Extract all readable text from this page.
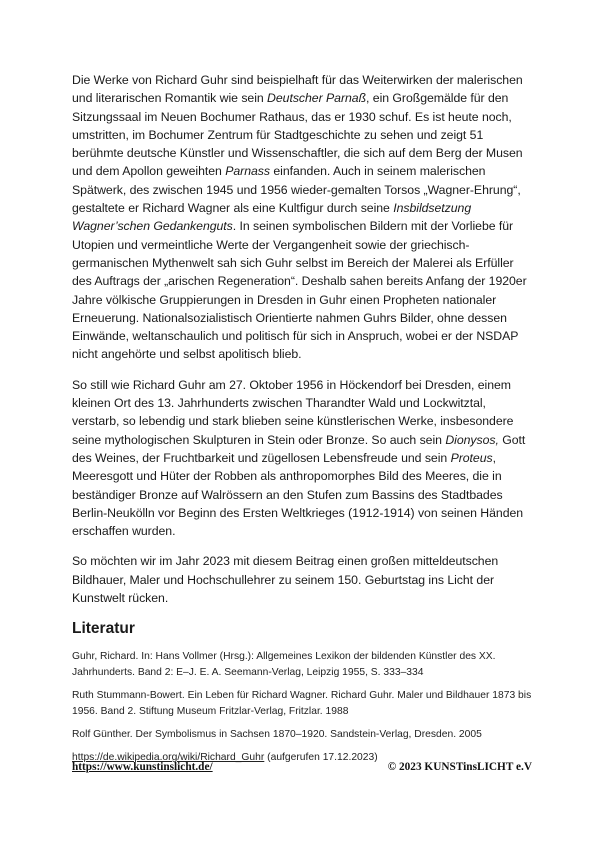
Die Werke von Richard Guhr sind beispielhaft für das Weiterwirken der malerischen und literarischen Romantik wie sein Deutscher Parnaß, ein Großgemälde für den Sitzungssaal im Neuen Bochumer Rathaus, das er 1930 schuf. Es ist heute noch, umstritten, im Bochumer Zentrum für Stadtgeschichte zu sehen und zeigt 51 berühmte deutsche Künstler und Wissenschaftler, die sich auf dem Berg der Musen und dem Apollon geweihten Parnass einfanden. Auch in seinem malerischen Spätwerk, des zwischen 1945 und 1956 wieder-gemalten Torsos „Wagner-Ehrung“, gestaltete er Richard Wagner als eine Kultfigur durch seine Insbildsetzung Wagner’schen Gedankenguts. In seinen symbolischen Bildern mit der Vorliebe für Utopien und vermeintliche Werte der Vergangenheit sowie der griechisch-germanischen Mythenwelt sah sich Guhr selbst im Bereich der Malerei als Erfüller des Auftrags der „arischen Regeneration“. Deshalb sahen bereits Anfang der 1920er Jahre völkische Gruppierungen in Dresden in Guhr einen Propheten nationaler Erneuerung. Nationalsozialistisch Orientierte nahmen Guhrs Bilder, ohne dessen Einwände, weltanschaulich und politisch für sich in Anspruch, wobei er der NSDAP nicht angehörte und selbst apolitisch blieb.

So still wie Richard Guhr am 27. Oktober 1956 in Höckendorf bei Dresden, einem kleinen Ort des 13. Jahrhunderts zwischen Tharandter Wald und Lockwitztal, verstarb, so lebendig und stark blieben seine künstlerischen Werke, insbesondere seine mythologischen Skulpturen in Stein oder Bronze. So auch sein Dionysos, Gott des Weines, der Fruchtbarkeit und zügellosen Lebensfreude und sein Proteus, Meeresgott und Hüter der Robben als anthropomorphes Bild des Meeres, die in beständiger Bronze auf Walrössern an den Stufen zum Bassins des Stadtbades Berlin-Neukölln vor Beginn des Ersten Weltkrieges (1912-1914) von seinen Händen erschaffen wurden.

So möchten wir im Jahr 2023 mit diesem Beitrag einen großen mitteldeutschen Bildhauer, Maler und Hochschullehrer zu seinem 150. Geburtstag ins Licht der Kunstwelt rücken.

Literatur

Guhr, Richard. In: Hans Vollmer (Hrsg.): Allgemeines Lexikon der bildenden Künstler des XX. Jahrhunderts. Band 2: E–J. E. A. Seemann-Verlag, Leipzig 1955, S. 333–334

Ruth Stummann-Bowert. Ein Leben für Richard Wagner. Richard Guhr. Maler und Bildhauer 1873 bis 1956. Band 2. Stiftung Museum Fritzlar-Verlag, Fritzlar. 1988

Rolf Günther. Der Symbolismus in Sachsen 1870–1920. Sandstein-Verlag, Dresden. 2005

https://de.wikipedia.org/wiki/Richard_Guhr (aufgerufen 17.12.2023)

https://www.kunstinslicht.de/	© 2023 KUNSTinsLICHT e.V
